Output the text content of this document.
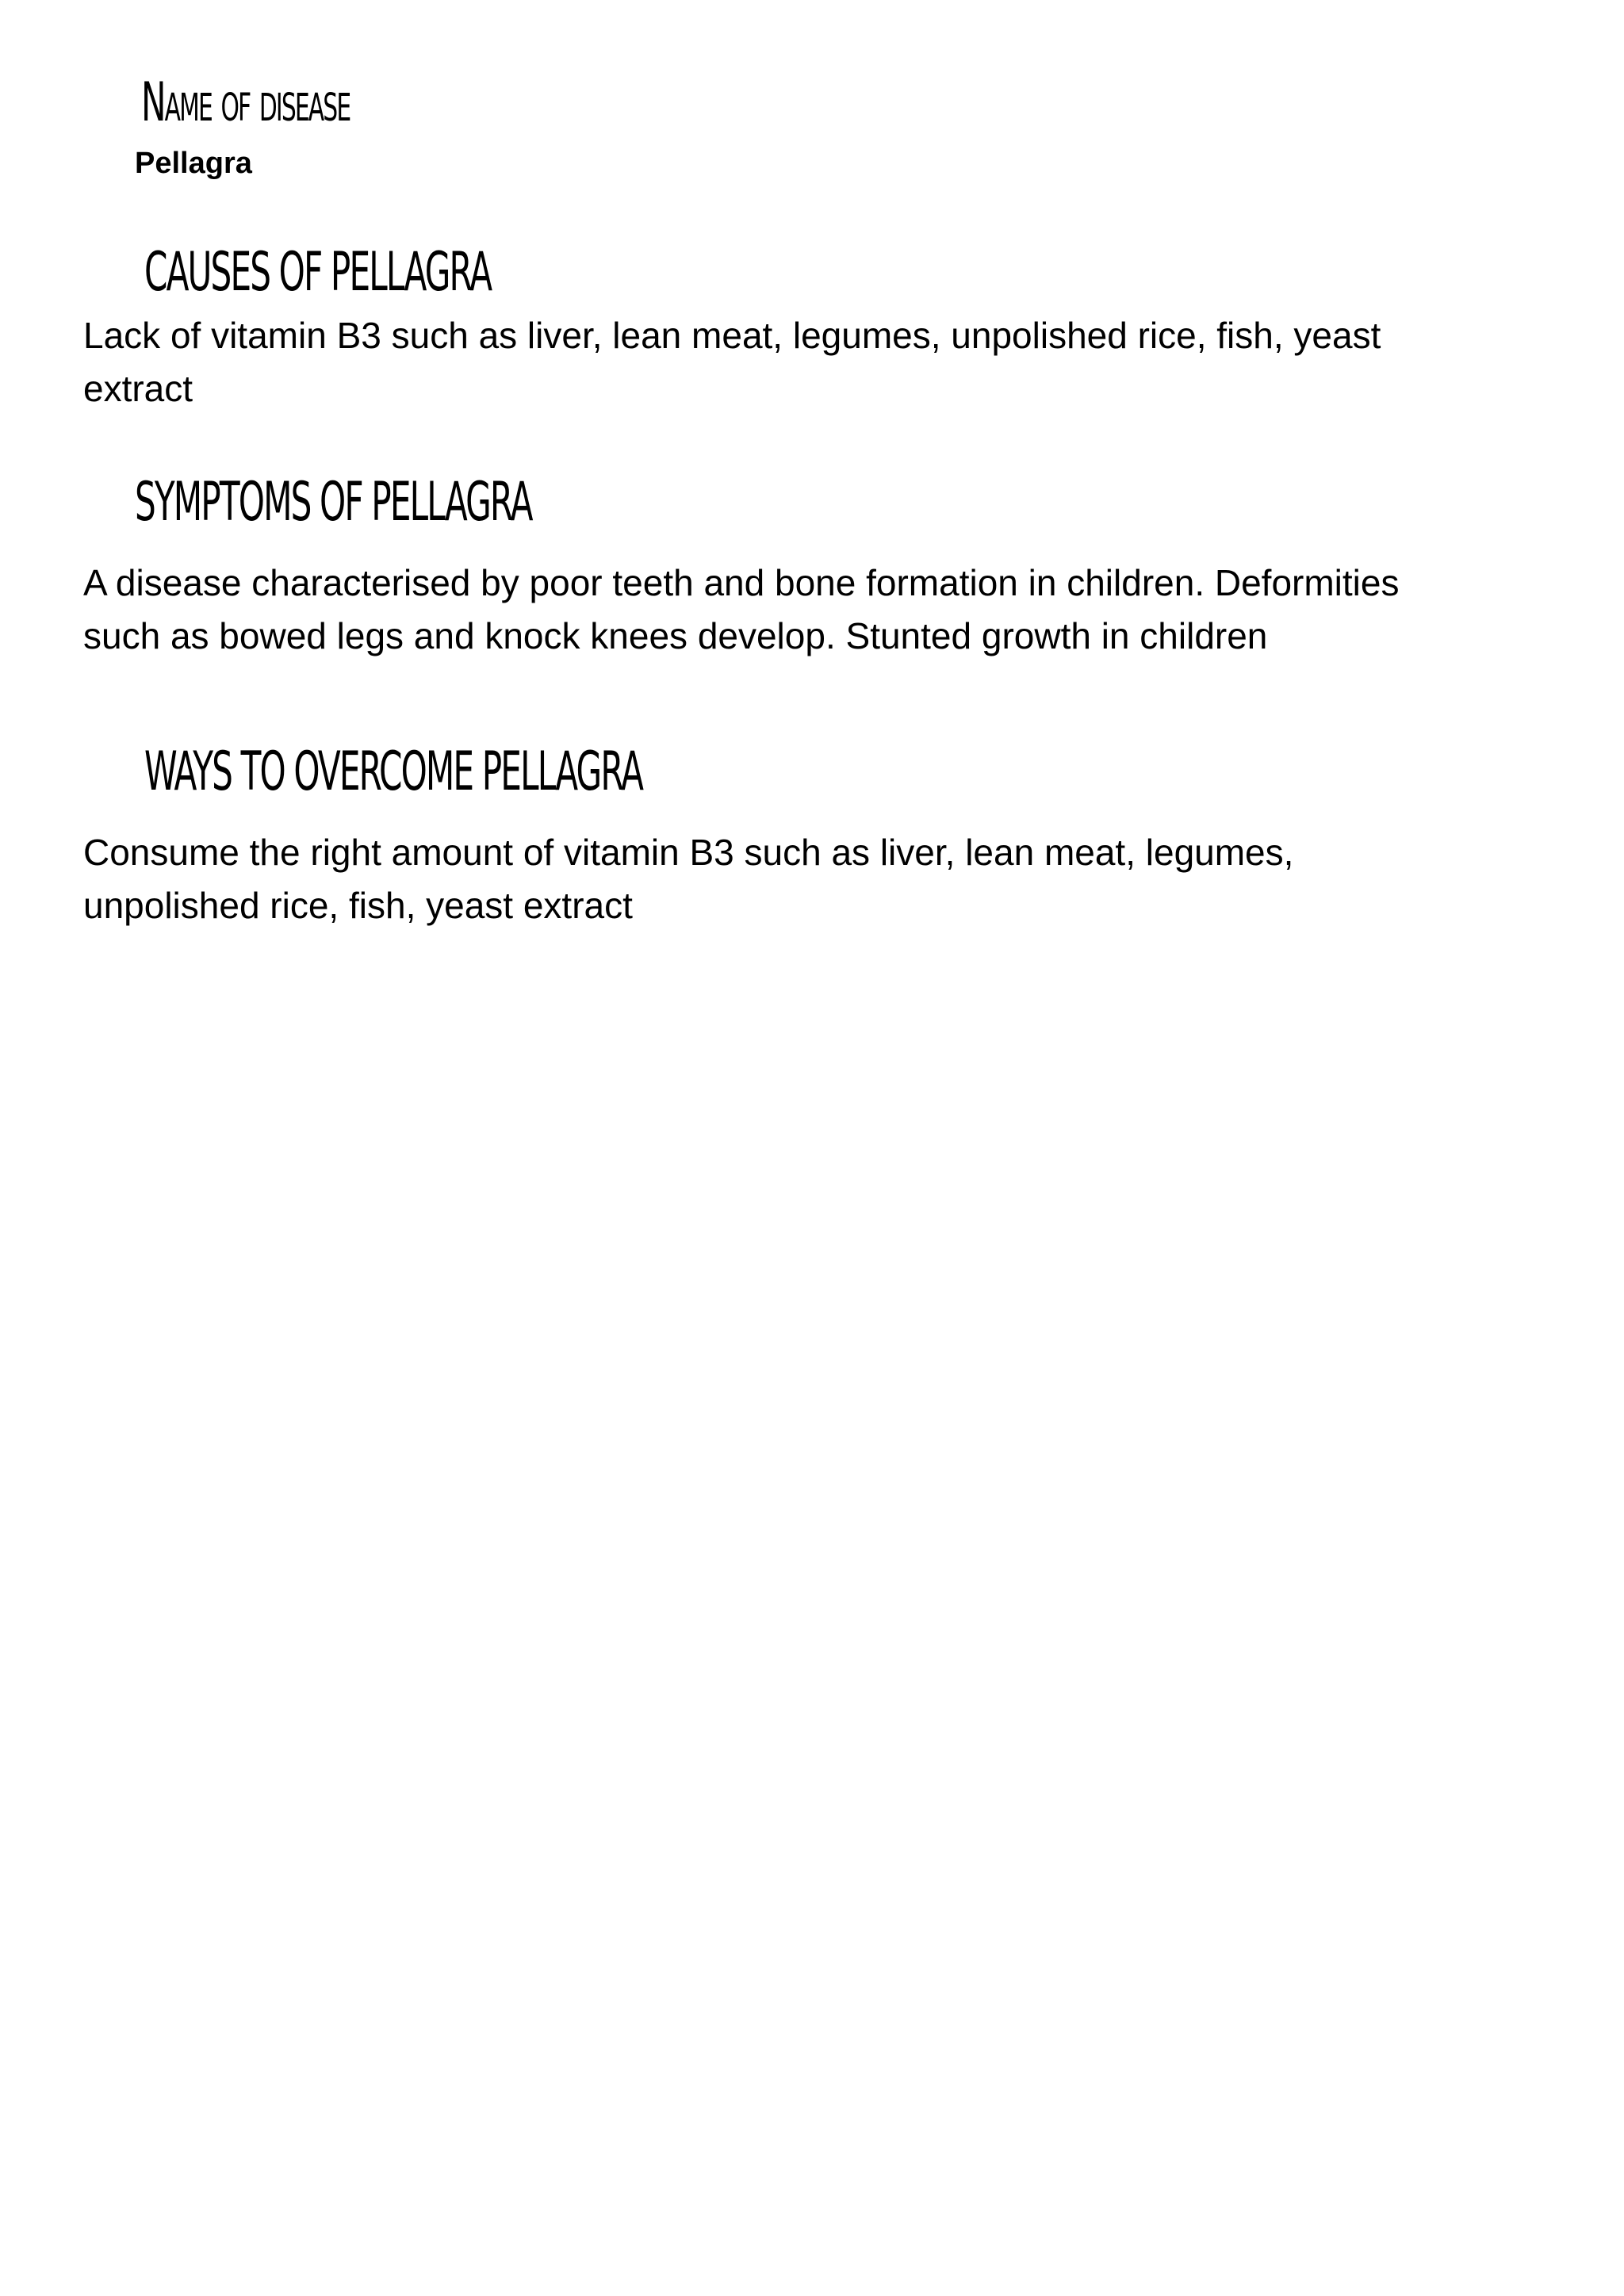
Name of disease

Pellagra

CAUSES OF PELLAGRA
Lack of vitamin B3 such as liver, lean meat, legumes, unpolished rice, fish, yeast
extract
SYMPTOMS OF PELLAGRA
A disease characterised by poor teeth and bone formation in children. Deformities
such as bowed legs and knock knees develop. Stunted growth in children
WAYS TO OVERCOME PELLAGRA
Consume the right amount of vitamin B3 such as liver, lean meat, legumes,
unpolished rice, fish, yeast extract
